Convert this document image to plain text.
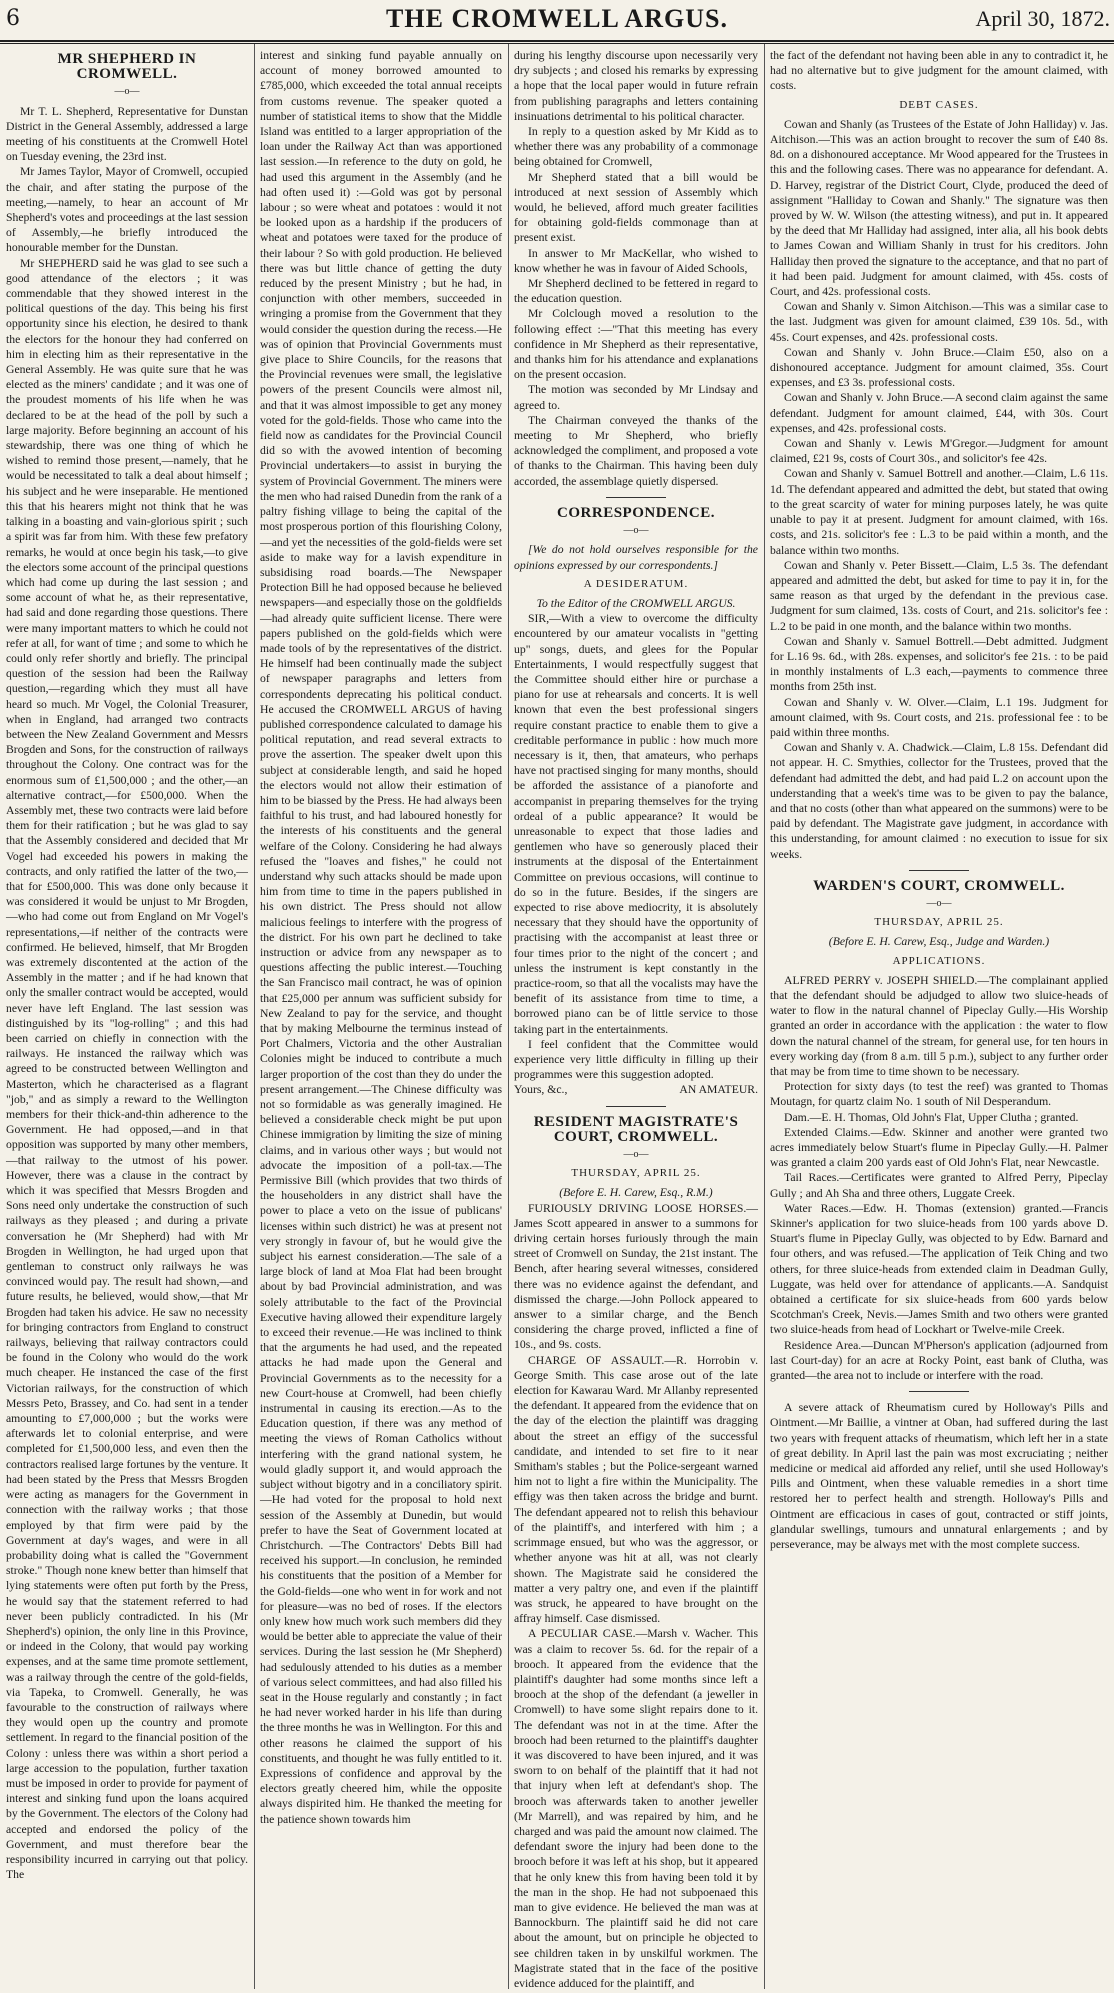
6	THE CROMWELL ARGUS.	April 30, 1872.
MR SHEPHERD IN CROMWELL.
—o—

Mr T. L. Shepherd, Representative for Dunstan District in the General Assembly, addressed a large meeting of his constituents at the Cromwell Hotel on Tuesday evening, the 23rd inst.

Mr James Taylor, Mayor of Cromwell, occupied the chair, and after stating the purpose of the meeting,—namely, to hear an account of Mr Shepherd's votes and proceedings at the last session of Assembly,—he briefly introduced the honourable member for the Dunstan.

Mr SHEPHERD said he was glad to see such a good attendance of the electors ; it was commendable that they showed interest in the political questions of the day. This being his first opportunity since his election, he desired to thank the electors for the honour they had conferred on him in electing him as their representative in the General Assembly. He was quite sure that he was elected as the miners' candidate ; and it was one of the proudest moments of his life when he was declared to be at the head of the poll by such a large majority. Before beginning an account of his stewardship, there was one thing of which he wished to remind those present,—namely, that he would be necessitated to talk a deal about himself ; his subject and he were inseparable. He mentioned this that his hearers might not think that he was talking in a boasting and vain-glorious spirit ; such a spirit was far from him. With these few prefatory remarks, he would at once begin his task,—to give the electors some account of the principal questions which had come up during the last session ; and some account of what he, as their representative, had said and done regarding those questions. There were many important matters to which he could not refer at all, for want of time ; and some to which he could only refer shortly and briefly. The principal question of the session had been the Railway question,—regarding which they must all have heard so much. Mr Vogel, the Colonial Treasurer, when in England, had arranged two contracts between the New Zealand Government and Messrs Brogden and Sons, for the construction of railways throughout the Colony. One contract was for the enormous sum of £1,500,000 ; and the other,—an alternative contract,—for £500,000. When the Assembly met, these two contracts were laid before them for their ratification ; but he was glad to say that the Assembly considered and decided that Mr Vogel had exceeded his powers in making the contracts, and only ratified the latter of the two,—that for £500,000. This was done only because it was considered it would be unjust to Mr Brogden,—who had come out from England on Mr Vogel's representations,—if neither of the contracts were confirmed. He believed, himself, that Mr Brogden was extremely discontented at the action of the Assembly in the matter ; and if he had known that only the smaller contract would be accepted, would never have left England. The last session was distinguished by its "log-rolling" ; and this had been carried on chiefly in connection with the railways. He instanced the railway which was agreed to be constructed between Wellington and Masterton, which he characterised as a flagrant "job," and as simply a reward to the Wellington members for their thick-and-thin adherence to the Government. He had opposed,—and in that opposition was supported by many other members,—that railway to the utmost of his power. However, there was a clause in the contract by which it was specified that Messrs Brogden and Sons need only undertake the construction of such railways as they pleased ; and during a private conversation he (Mr Shepherd) had with Mr Brogden in Wellington, he had urged upon that gentleman to construct only railways he was convinced would pay. The result had shown,—and future results, he believed, would show,—that Mr Brogden had taken his advice. He saw no necessity for bringing contractors from England to construct railways, believing that railway contractors could be found in the Colony who would do the work much cheaper. He instanced the case of the first Victorian railways, for the construction of which Messrs Peto, Brassey, and Co. had sent in a tender amounting to £7,000,000 ; but the works were afterwards let to colonial enterprise, and were completed for £1,500,000 less, and even then the contractors realised large fortunes by the venture. It had been stated by the Press that Messrs Brogden were acting as managers for the Government in connection with the railway works ; that those employed by that firm were paid by the Government at day's wages, and were in all probability doing what is called the "Government stroke." Though none knew better than himself that lying statements were often put forth by the Press, he would say that the statement referred to had never been publicly contradicted. In his (Mr Shepherd's) opinion, the only line in this Province, or indeed in the Colony, that would pay working expenses, and at the same time promote settlement, was a railway through the centre of the gold-fields, via Tapeka, to Cromwell. Generally, he was favourable to the construction of railways where they would open up the country and promote settlement. In regard to the financial position of the Colony : unless there was within a short period a large accession to the population, further taxation must be imposed in order to provide for payment of interest and sinking fund upon the loans acquired by the Government. The electors of the Colony had accepted and endorsed the policy of the Government, and must therefore bear the responsibility incurred in carrying out that policy. The

interest and sinking fund payable annually on account of money borrowed amounted to £785,000, which exceeded the total annual receipts from customs revenue. The speaker quoted a number of statistical items to show that the Middle Island was entitled to a larger appropriation of the loan under the Railway Act than was apportioned last session.—In reference to the duty on gold, he had used this argument in the Assembly (and he had often used it) :—Gold was got by personal labour ; so were wheat and potatoes : would it not be looked upon as a hardship if the producers of wheat and potatoes were taxed for the produce of their labour ? So with gold production. He believed there was but little chance of getting the duty reduced by the present Ministry ; but he had, in conjunction with other members, succeeded in wringing a promise from the Government that they would consider the question during the recess.—He was of opinion that Provincial Governments must give place to Shire Councils, for the reasons that the Provincial revenues were small, the legislative powers of the present Councils were almost nil, and that it was almost impossible to get any money voted for the gold-fields. Those who came into the field now as candidates for the Provincial Council did so with the avowed intention of becoming Provincial undertakers—to assist in burying the system of Provincial Government. The miners were the men who had raised Dunedin from the rank of a paltry fishing village to being the capital of the most prosperous portion of this flourishing Colony,—and yet the necessities of the gold-fields were set aside to make way for a lavish expenditure in subsidising road boards.—The Newspaper Protection Bill he had opposed because he believed newspapers—and especially those on the goldfields—had already quite sufficient license. There were papers published on the gold-fields which were made tools of by the representatives of the district. He himself had been continually made the subject of newspaper paragraphs and letters from correspondents deprecating his political conduct. He accused the CROMWELL ARGUS of having published correspondence calculated to damage his political reputation, and read several extracts to prove the assertion. The speaker dwelt upon this subject at considerable length, and said he hoped the electors would not allow their estimation of him to be biassed by the Press. He had always been faithful to his trust, and had laboured honestly for the interests of his constituents and the general welfare of the Colony. Considering he had always refused the "loaves and fishes," he could not understand why such attacks should be made upon him from time to time in the papers published in his own district. The Press should not allow malicious feelings to interfere with the progress of the district. For his own part he declined to take instruction or advice from any newspaper as to questions affecting the public interest.—Touching the San Francisco mail contract, he was of opinion that £25,000 per annum was sufficient subsidy for New Zealand to pay for the service, and thought that by making Melbourne the terminus instead of Port Chalmers, Victoria and the other Australian Colonies might be induced to contribute a much larger proportion of the cost than they do under the present arrangement.—The Chinese difficulty was not so formidable as was generally imagined. He believed a considerable check might be put upon Chinese immigration by limiting the size of mining claims, and in various other ways ; but would not advocate the imposition of a poll-tax.—The Permissive Bill (which provides that two thirds of the householders in any district shall have the power to place a veto on the issue of publicans' licenses within such district) he was at present not very strongly in favour of, but he would give the subject his earnest consideration.—The sale of a large block of land at Moa Flat had been brought about by bad Provincial administration, and was solely attributable to the fact of the Provincial Executive having allowed their expenditure largely to exceed their revenue.—He was inclined to think that the arguments he had used, and the repeated attacks he had made upon the General and Provincial Governments as to the necessity for a new Court-house at Cromwell, had been chiefly instrumental in causing its erection.—As to the Education question, if there was any method of meeting the views of Roman Catholics without interfering with the grand national system, he would gladly support it, and would approach the subject without bigotry and in a conciliatory spirit.—He had voted for the proposal to hold next session of the Assembly at Dunedin, but would prefer to have the Seat of Government located at Christchurch. —The Contractors' Debts Bill had received his support.—In conclusion, he reminded his constituents that the position of a Member for the Gold-fields—one who went in for work and not for pleasure—was no bed of roses. If the electors only knew how much work such members did they would be better able to appreciate the value of their services. During the last session he (Mr Shepherd) had sedulously attended to his duties as a member of various select committees, and had also filled his seat in the House regularly and constantly ; in fact he had never worked harder in his life than during the three months he was in Wellington. For this and other reasons he claimed the support of his constituents, and thought he was fully entitled to it. Expressions of confidence and approval by the electors greatly cheered him, while the opposite always dispirited him. He thanked the meeting for the patience shown towards him

during his lengthy discourse upon necessarily very dry subjects ; and closed his remarks by expressing a hope that the local paper would in future refrain from publishing paragraphs and letters containing insinuations detrimental to his political character.

In reply to a question asked by Mr Kidd as to whether there was any probability of a commonage being obtained for Cromwell,

Mr Shepherd stated that a bill would be introduced at next session of Assembly which would, he believed, afford much greater facilities for obtaining gold-fields commonage than at present exist.

In answer to Mr MacKellar, who wished to know whether he was in favour of Aided Schools,

Mr Shepherd declined to be fettered in regard to the education question.

Mr Colclough moved a resolution to the following effect :—"That this meeting has every confidence in Mr Shepherd as their representative, and thanks him for his attendance and explanations on the present occasion.

The motion was seconded by Mr Lindsay and agreed to.

The Chairman conveyed the thanks of the meeting to Mr Shepherd, who briefly acknowledged the compliment, and proposed a vote of thanks to the Chairman. This having been duly accorded, the assemblage quietly dispersed.

CORRESPONDENCE.
—o—

[We do not hold ourselves responsible for the opinions expressed by our correspondents.]

A DESIDERATUM.

To the Editor of the CROMWELL ARGUS.

SIR,—With a view to overcome the difficulty encountered by our amateur vocalists in "getting up" songs, duets, and glees for the Popular Entertainments, I would respectfully suggest that the Committee should either hire or purchase a piano for use at rehearsals and concerts. It is well known that even the best professional singers require constant practice to enable them to give a creditable performance in public : how much more necessary is it, then, that amateurs, who perhaps have not practised singing for many months, should be afforded the assistance of a pianoforte and accompanist in preparing themselves for the trying ordeal of a public appearance? It would be unreasonable to expect that those ladies and gentlemen who have so generously placed their instruments at the disposal of the Entertainment Committee on previous occasions, will continue to do so in the future. Besides, if the singers are expected to rise above mediocrity, it is absolutely necessary that they should have the opportunity of practising with the accompanist at least three or four times prior to the night of the concert ; and unless the instrument is kept constantly in the practice-room, so that all the vocalists may have the benefit of its assistance from time to time, a borrowed piano can be of little service to those taking part in the entertainments.

I feel confident that the Committee would experience very little difficulty in filling up their programmes were this suggestion adopted.

Yours, &c.,	AN AMATEUR.
RESIDENT MAGISTRATE'S COURT, CROMWELL.
—o—
THURSDAY, APRIL 25.

(Before E. H. Carew, Esq., R.M.)

FURIOUSLY DRIVING LOOSE HORSES.—James Scott appeared in answer to a summons for driving certain horses furiously through the main street of Cromwell on Sunday, the 21st instant. The Bench, after hearing several witnesses, considered there was no evidence against the defendant, and dismissed the charge.—John Pollock appeared to answer to a similar charge, and the Bench considering the charge proved, inflicted a fine of 10s., and 9s. costs.

CHARGE OF ASSAULT.—R. Horrobin v. George Smith. This case arose out of the late election for Kawarau Ward. Mr Allanby represented the defendant. It appeared from the evidence that on the day of the election the plaintiff was dragging about the street an effigy of the successful candidate, and intended to set fire to it near Smitham's stables ; but the Police-sergeant warned him not to light a fire within the Municipality. The effigy was then taken across the bridge and burnt. The defendant appeared not to relish this behaviour of the plaintiff's, and interfered with him ; a scrimmage ensued, but who was the aggressor, or whether anyone was hit at all, was not clearly shown. The Magistrate said he considered the matter a very paltry one, and even if the plaintiff was struck, he appeared to have brought on the affray himself. Case dismissed.

A PECULIAR CASE.—Marsh v. Wacher. This was a claim to recover 5s. 6d. for the repair of a brooch. It appeared from the evidence that the plaintiff's daughter had some months since left a brooch at the shop of the defendant (a jeweller in Cromwell) to have some slight repairs done to it. The defendant was not in at the time. After the brooch had been returned to the plaintiff's daughter it was discovered to have been injured, and it was sworn to on behalf of the plaintiff that it had not that injury when left at defendant's shop. The brooch was afterwards taken to another jeweller (Mr Marrell), and was repaired by him, and he charged and was paid the amount now claimed. The defendant swore the injury had been done to the brooch before it was left at his shop, but it appeared that he only knew this from having been told it by the man in the shop. He had not subpoenaed this man to give evidence. He believed the man was at Bannockburn. The plaintiff said he did not care about the amount, but on principle he objected to see children taken in by unskilful workmen. The Magistrate stated that in the face of the positive evidence adduced for the plaintiff, and

the fact of the defendant not having been able in any to contradict it, he had no alternative but to give judgment for the amount claimed, with costs.

DEBT CASES.

Cowan and Shanly (as Trustees of the Estate of John Halliday) v. Jas. Aitchison.—This was an action brought to recover the sum of £40 8s. 8d. on a dishonoured acceptance. Mr Wood appeared for the Trustees in this and the following cases. There was no appearance for defendant. A. D. Harvey, registrar of the District Court, Clyde, produced the deed of assignment "Halliday to Cowan and Shanly." The signature was then proved by W. W. Wilson (the attesting witness), and put in. It appeared by the deed that Mr Halliday had assigned, inter alia, all his book debts to James Cowan and William Shanly in trust for his creditors. John Halliday then proved the signature to the acceptance, and that no part of it had been paid. Judgment for amount claimed, with 45s. costs of Court, and 42s. professional costs.

Cowan and Shanly v. Simon Aitchison.—This was a similar case to the last. Judgment was given for amount claimed, £39 10s. 5d., with 45s. Court expenses, and 42s. professional costs.

Cowan and Shanly v. John Bruce.—Claim £50, also on a dishonoured acceptance. Judgment for amount claimed, 35s. Court expenses, and £3 3s. professional costs.

Cowan and Shanly v. John Bruce.—A second claim against the same defendant. Judgment for amount claimed, £44, with 30s. Court expenses, and 42s. professional costs.

Cowan and Shanly v. Lewis M'Gregor.—Judgment for amount claimed, £21 9s, costs of Court 30s., and solicitor's fee 42s.

Cowan and Shanly v. Samuel Bottrell and another.—Claim, L.6 11s. 1d. The defendant appeared and admitted the debt, but stated that owing to the great scarcity of water for mining purposes lately, he was quite unable to pay it at present. Judgment for amount claimed, with 16s. costs, and 21s. solicitor's fee : L.3 to be paid within a month, and the balance within two months.

Cowan and Shanly v. Peter Bissett.—Claim, L.5 3s. The defendant appeared and admitted the debt, but asked for time to pay it in, for the same reason as that urged by the defendant in the previous case. Judgment for sum claimed, 13s. costs of Court, and 21s. solicitor's fee : L.2 to be paid in one month, and the balance within two months.

Cowan and Shanly v. Samuel Bottrell.—Debt admitted. Judgment for L.16 9s. 6d., with 28s. expenses, and solicitor's fee 21s. : to be paid in monthly instalments of L.3 each,—payments to commence three months from 25th inst.

Cowan and Shanly v. W. Olver.—Claim, L.1 19s. Judgment for amount claimed, with 9s. Court costs, and 21s. professional fee : to be paid within three months.

Cowan and Shanly v. A. Chadwick.—Claim, L.8 15s. Defendant did not appear. H. C. Smythies, collector for the Trustees, proved that the defendant had admitted the debt, and had paid L.2 on account upon the understanding that a week's time was to be given to pay the balance, and that no costs (other than what appeared on the summons) were to be paid by defendant. The Magistrate gave judgment, in accordance with this understanding, for amount claimed : no execution to issue for six weeks.

WARDEN'S COURT, CROMWELL.
—o—
THURSDAY, APRIL 25.

(Before E. H. Carew, Esq., Judge and Warden.)

APPLICATIONS.

ALFRED PERRY v. JOSEPH SHIELD.—The complainant applied that the defendant should be adjudged to allow two sluice-heads of water to flow in the natural channel of Pipeclay Gully.—His Worship granted an order in accordance with the application : the water to flow down the natural channel of the stream, for general use, for ten hours in every working day (from 8 a.m. till 5 p.m.), subject to any further order that may be from time to time shown to be necessary.

Protection for sixty days (to test the reef) was granted to Thomas Moutagn, for quartz claim No. 1 south of Nil Desperandum.

Dam.—E. H. Thomas, Old John's Flat, Upper Clutha ; granted.

Extended Claims.—Edw. Skinner and another were granted two acres immediately below Stuart's flume in Pipeclay Gully.—H. Palmer was granted a claim 200 yards east of Old John's Flat, near Newcastle.

Tail Races.—Certificates were granted to Alfred Perry, Pipeclay Gully ; and Ah Sha and three others, Luggate Creek.

Water Races.—Edw. H. Thomas (extension) granted.—Francis Skinner's application for two sluice-heads from 100 yards above D. Stuart's flume in Pipeclay Gully, was objected to by Edw. Barnard and four others, and was refused.—The application of Teik Ching and two others, for three sluice-heads from extended claim in Deadman Gully, Luggate, was held over for attendance of applicants.—A. Sandquist obtained a certificate for six sluice-heads from 600 yards below Scotchman's Creek, Nevis.—James Smith and two others were granted two sluice-heads from head of Lockhart or Twelve-mile Creek.

Residence Area.—Duncan M'Pherson's application (adjourned from last Court-day) for an acre at Rocky Point, east bank of Clutha, was granted—the area not to include or interfere with the road.

A severe attack of Rheumatism cured by Holloway's Pills and Ointment.—Mr Baillie, a vintner at Oban, had suffered during the last two years with frequent attacks of rheumatism, which left her in a state of great debility. In April last the pain was most excruciating ; neither medicine or medical aid afforded any relief, until she used Holloway's Pills and Ointment, when these valuable remedies in a short time restored her to perfect health and strength. Holloway's Pills and Ointment are efficacious in cases of gout, contracted or stiff joints, glandular swellings, tumours and unnatural enlargements ; and by perseverance, may be always met with the most complete success.
